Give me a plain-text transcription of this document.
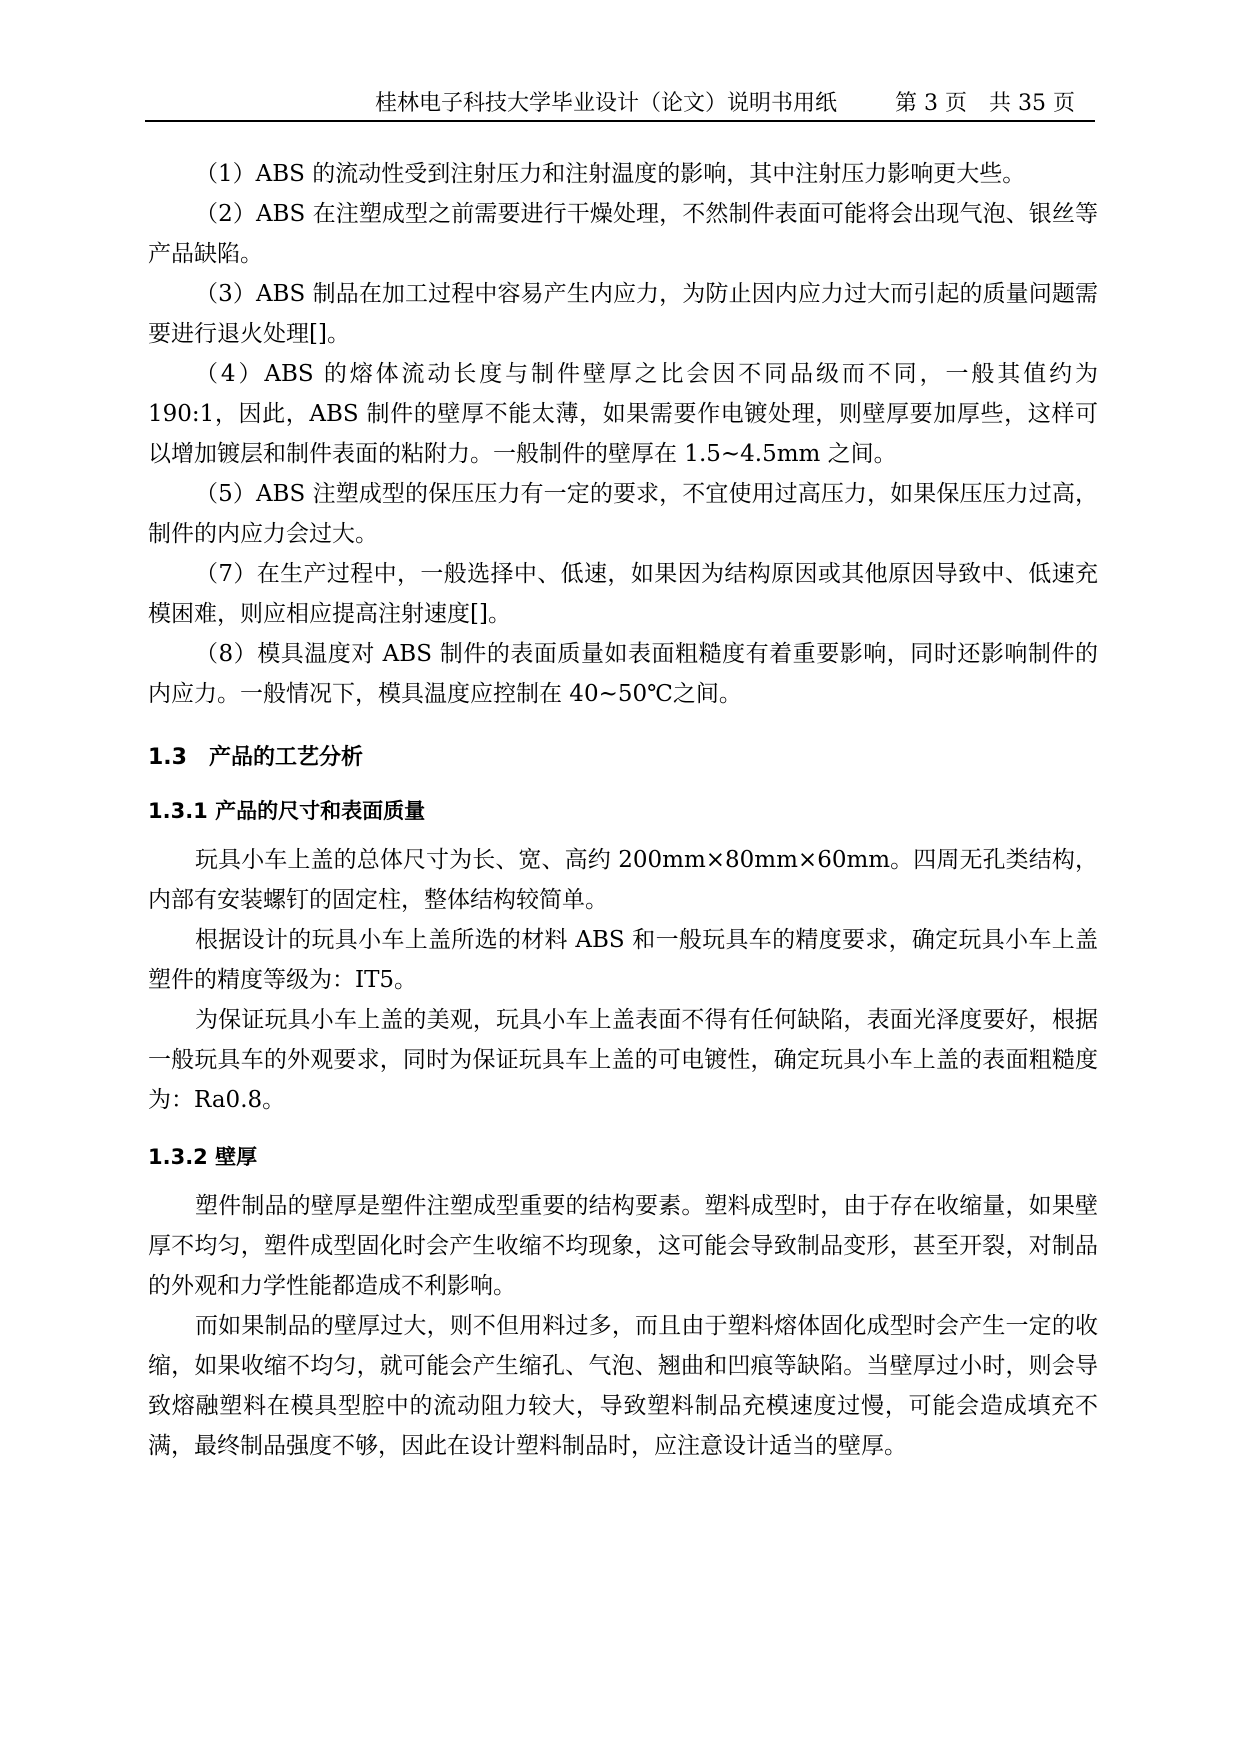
桂林电子科技大学毕业设计（论文）说明书用纸	第 3 页　共 35 页

（1）ABS 的流动性受到注射压力和注射温度的影响，其中注射压力影响更大些。

（2）ABS 在注塑成型之前需要进行干燥处理，不然制件表面可能将会出现气泡、银丝等产品缺陷。

（3）ABS 制品在加工过程中容易产生内应力，为防止因内应力过大而引起的质量问题需要进行退火处理[]。

（4）ABS 的熔体流动长度与制件壁厚之比会因不同品级而不同，一般其值约为 190:1，因此，ABS 制件的壁厚不能太薄，如果需要作电镀处理，则壁厚要加厚些，这样可以增加镀层和制件表面的粘附力。一般制件的壁厚在 1.5~4.5mm 之间。

（5）ABS 注塑成型的保压压力有一定的要求，不宜使用过高压力，如果保压压力过高，制件的内应力会过大。

（7）在生产过程中，一般选择中、低速，如果因为结构原因或其他原因导致中、低速充模困难，则应相应提高注射速度[]。

（8）模具温度对 ABS 制件的表面质量如表面粗糙度有着重要影响，同时还影响制件的内应力。一般情况下，模具温度应控制在 40~50℃之间。

1.3　产品的工艺分析
1.3.1 产品的尺寸和表面质量

玩具小车上盖的总体尺寸为长、宽、高约 200mm×80mm×60mm。四周无孔类结构，内部有安装螺钉的固定柱，整体结构较简单。

根据设计的玩具小车上盖所选的材料 ABS 和一般玩具车的精度要求，确定玩具小车上盖塑件的精度等级为：IT5。

为保证玩具小车上盖的美观，玩具小车上盖表面不得有任何缺陷，表面光泽度要好，根据一般玩具车的外观要求，同时为保证玩具车上盖的可电镀性，确定玩具小车上盖的表面粗糙度为：Ra0.8。

1.3.2 壁厚

塑件制品的壁厚是塑件注塑成型重要的结构要素。塑料成型时，由于存在收缩量，如果壁厚不均匀，塑件成型固化时会产生收缩不均现象，这可能会导致制品变形，甚至开裂，对制品的外观和力学性能都造成不利影响。

而如果制品的壁厚过大，则不但用料过多，而且由于塑料熔体固化成型时会产生一定的收缩，如果收缩不均匀，就可能会产生缩孔、气泡、翘曲和凹痕等缺陷。当壁厚过小时，则会导致熔融塑料在模具型腔中的流动阻力较大，导致塑料制品充模速度过慢，可能会造成填充不满，最终制品强度不够，因此在设计塑料制品时，应注意设计适当的壁厚。
